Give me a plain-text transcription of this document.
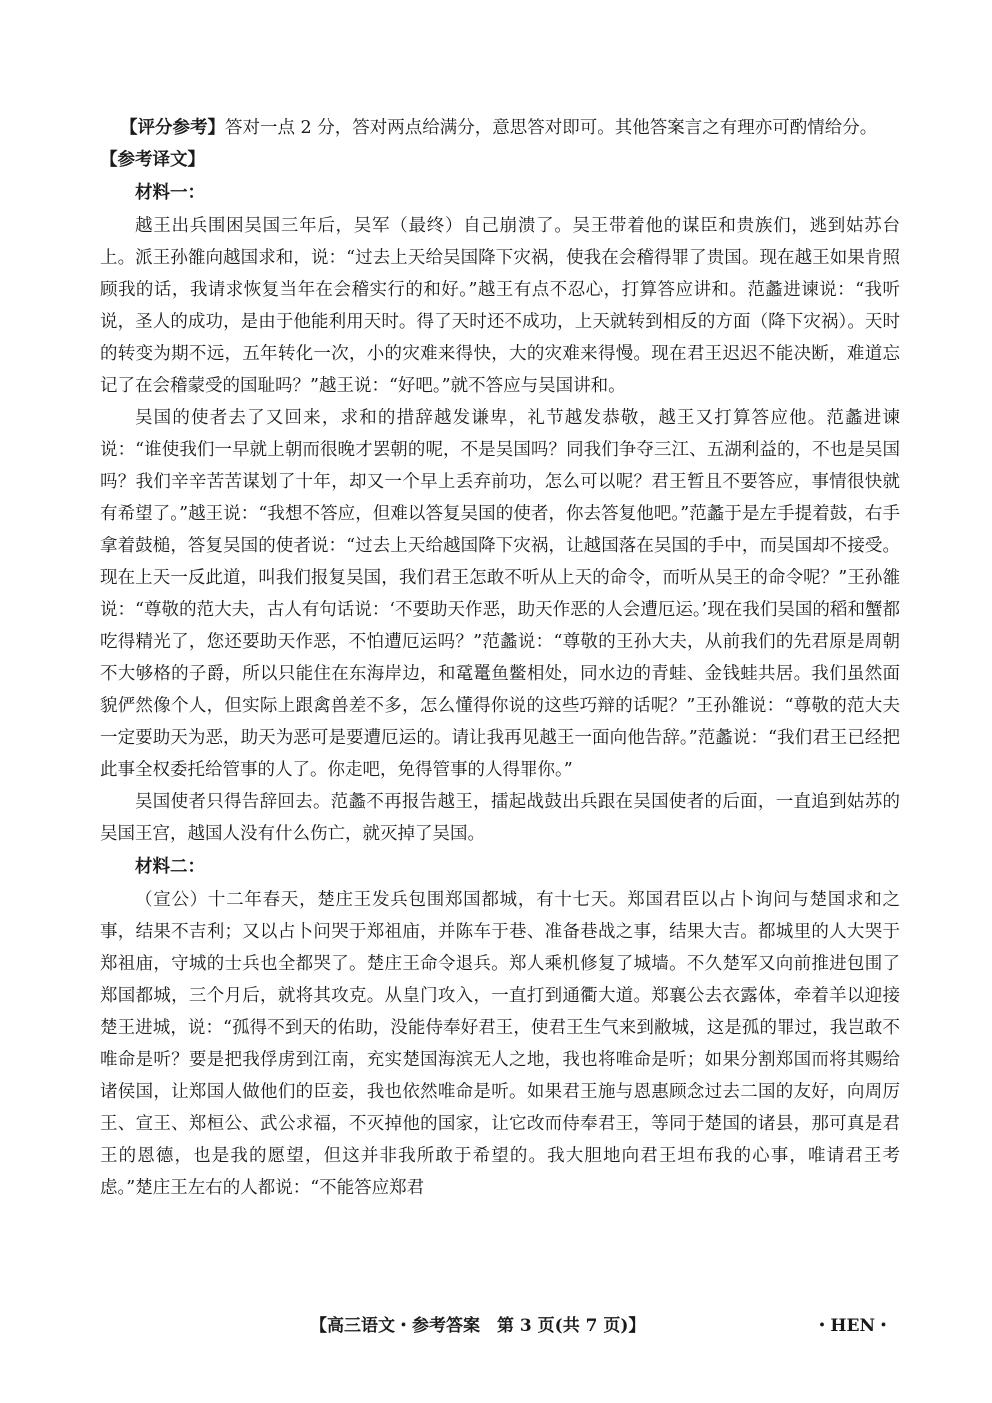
【评分参考】答对一点 2 分，答对两点给满分，意思答对即可。其他答案言之有理亦可酌情给分。

【参考译文】

材料一：

越王出兵围困吴国三年后，吴军（最终）自己崩溃了。吴王带着他的谋臣和贵族们，逃到姑苏台上。派王孙雒向越国求和，说：“过去上天给吴国降下灾祸，使我在会稽得罪了贵国。现在越王如果肯照顾我的话，我请求恢复当年在会稽实行的和好。”越王有点不忍心，打算答应讲和。范蠡进谏说：“我听说，圣人的成功，是由于他能利用天时。得了天时还不成功，上天就转到相反的方面（降下灾祸）。天时的转变为期不远，五年转化一次，小的灾难来得快，大的灾难来得慢。现在君王迟迟不能决断，难道忘记了在会稽蒙受的国耻吗？”越王说：“好吧。”就不答应与吴国讲和。

吴国的使者去了又回来，求和的措辞越发谦卑，礼节越发恭敬，越王又打算答应他。范蠡进谏说：“谁使我们一早就上朝而很晚才罢朝的呢，不是吴国吗？同我们争夺三江、五湖利益的，不也是吴国吗？我们辛辛苦苦谋划了十年，却又一个早上丢弃前功，怎么可以呢？君王暂且不要答应，事情很快就有希望了。”越王说：“我想不答应，但难以答复吴国的使者，你去答复他吧。”范蠡于是左手提着鼓，右手拿着鼓槌，答复吴国的使者说：“过去上天给越国降下灾祸，让越国落在吴国的手中，而吴国却不接受。现在上天一反此道，叫我们报复吴国，我们君王怎敢不听从上天的命令，而听从吴王的命令呢？”王孙雒说：“尊敬的范大夫，古人有句话说：‘不要助天作恶，助天作恶的人会遭厄运。’现在我们吴国的稻和蟹都吃得精光了，您还要助天作恶，不怕遭厄运吗？”范蠡说：“尊敬的王孙大夫，从前我们的先君原是周朝不大够格的子爵，所以只能住在东海岸边，和鼋鼍鱼鳖相处，同水边的青蛙、金钱蛙共居。我们虽然面貌俨然像个人，但实际上跟禽兽差不多，怎么懂得你说的这些巧辩的话呢？”王孙雒说：“尊敬的范大夫一定要助天为恶，助天为恶可是要遭厄运的。请让我再见越王一面向他告辞。”范蠡说：“我们君王已经把此事全权委托给管事的人了。你走吧，免得管事的人得罪你。”

吴国使者只得告辞回去。范蠡不再报告越王，擂起战鼓出兵跟在吴国使者的后面，一直追到姑苏的吴国王宫，越国人没有什么伤亡，就灭掉了吴国。

材料二：

（宣公）十二年春天，楚庄王发兵包围郑国都城，有十七天。郑国君臣以占卜询问与楚国求和之事，结果不吉利；又以占卜问哭于郑祖庙，并陈车于巷、准备巷战之事，结果大吉。都城里的人大哭于郑祖庙，守城的士兵也全都哭了。楚庄王命令退兵。郑人乘机修复了城墙。不久楚军又向前推进包围了郑国都城，三个月后，就将其攻克。从皇门攻入，一直打到通衢大道。郑襄公去衣露体，牵着羊以迎接楚王进城，说：“孤得不到天的佑助，没能侍奉好君王，使君王生气来到敝城，这是孤的罪过，我岂敢不唯命是听？要是把我俘虏到江南，充实楚国海滨无人之地，我也将唯命是听；如果分割郑国而将其赐给诸侯国，让郑国人做他们的臣妾，我也依然唯命是听。如果君王施与恩惠顾念过去二国的友好，向周厉王、宣王、郑桓公、武公求福，不灭掉他的国家，让它改而侍奉君王，等同于楚国的诸县，那可真是君王的恩德，也是我的愿望，但这并非我所敢于希望的。我大胆地向君王坦布我的心事，唯请君王考虑。”楚庄王左右的人都说：“不能答应郑君

【高三语文・参考答案　第 3 页(共 7 页)】	・HEN・
